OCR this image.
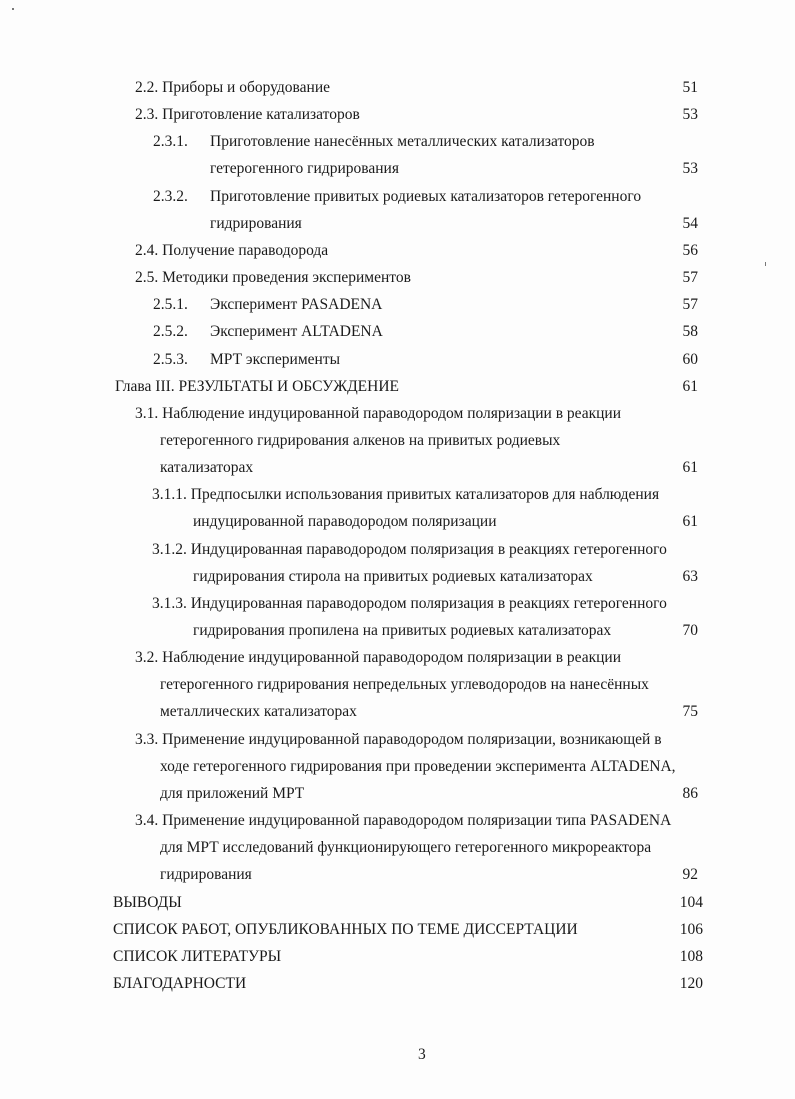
2.2. Приборы и оборудование	51
2.3. Приготовление катализаторов	53
2.3.1. Приготовление нанесённых металлических катализаторов
гетерогенного гидрирования	53
2.3.2. Приготовление привитых родиевых катализаторов гетерогенного
гидрирования	54
2.4. Получение параводорода	56
2.5. Методики проведения экспериментов	57
2.5.1. Эксперимент PASADENA	57
2.5.2. Эксперимент ALTADENA	58
2.5.3. МРТ эксперименты	60
Глава III. РЕЗУЛЬТАТЫ И ОБСУЖДЕНИЕ	61
3.1. Наблюдение индуцированной параводородом поляризации в реакции
гетерогенного гидрирования алкенов на привитых родиевых
катализаторах	61
3.1.1. Предпосылки использования привитых катализаторов для наблюдения
индуцированной параводородом поляризации	61
3.1.2. Индуцированная параводородом поляризация в реакциях гетерогенного
гидрирования стирола на привитых родиевых катализаторах	63
3.1.3. Индуцированная параводородом поляризация в реакциях гетерогенного
гидрирования пропилена на привитых родиевых катализаторах	70
3.2. Наблюдение индуцированной параводородом поляризации в реакции
гетерогенного гидрирования непредельных углеводородов на нанесённых
металлических катализаторах	75
3.3. Применение индуцированной параводородом поляризации, возникающей в
ходе гетерогенного гидрирования при проведении эксперимента ALTADENA,
для приложений МРТ	86
3.4. Применение индуцированной параводородом поляризации типа PASADENA
для МРТ исследований функционирующего гетерогенного микрореактора
гидрирования	92
ВЫВОДЫ	104
СПИСОК РАБОТ, ОПУБЛИКОВАННЫХ ПО ТЕМЕ ДИССЕРТАЦИИ	106
СПИСОК ЛИТЕРАТУРЫ	108
БЛАГОДАРНОСТИ	120
3
